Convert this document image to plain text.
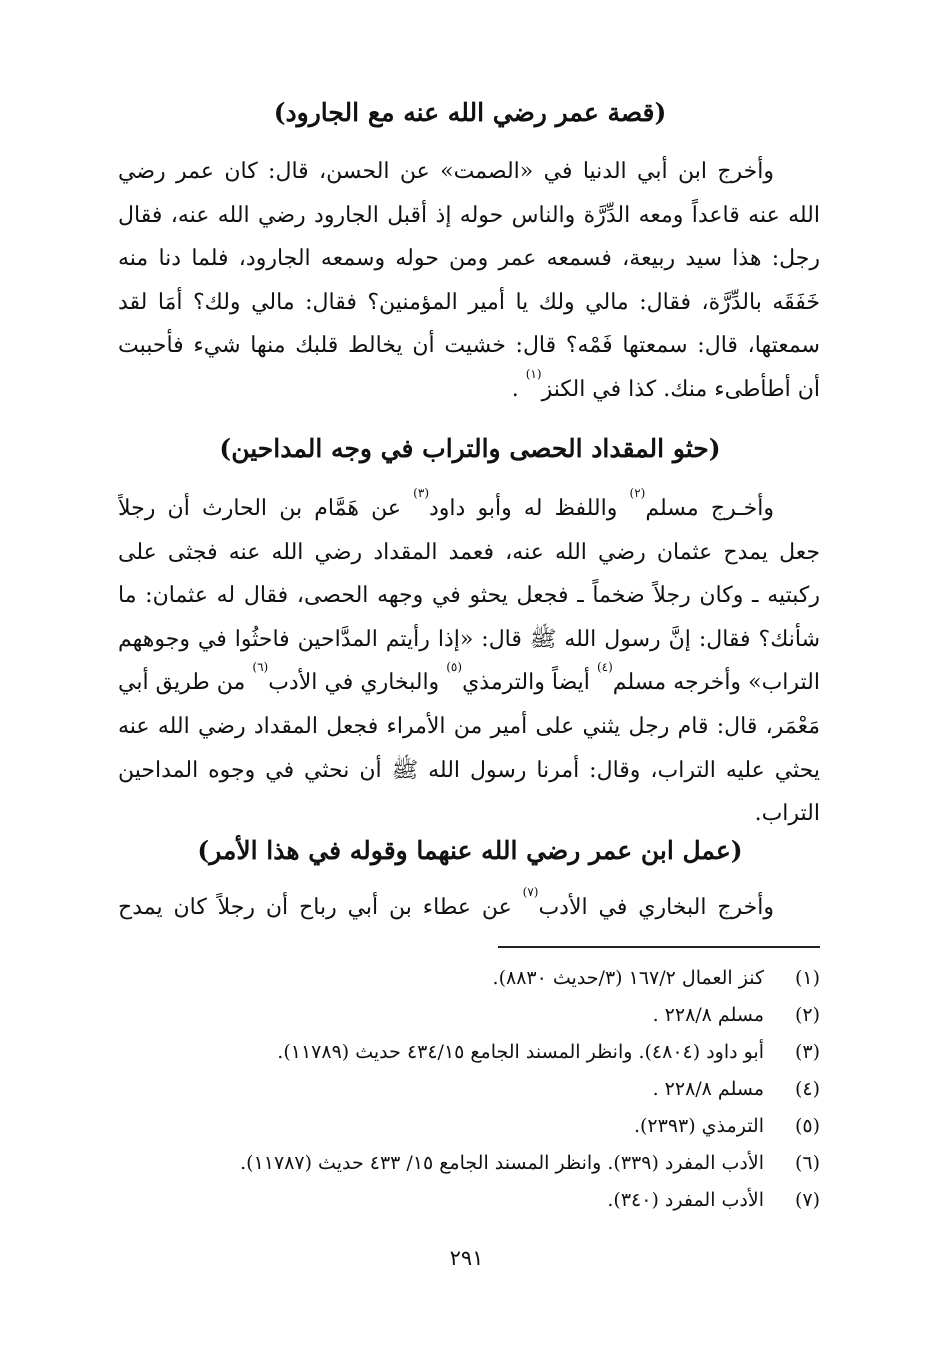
(قصة عمر رضي الله عنه مع الجارود)
وأخرج ابن أبي الدنيا في «الصمت» عن الحسن، قال: كان عمر رضي
الله عنه قاعداً ومعه الدِّرَّة والناس حوله إذ أقبل الجارود رضي الله عنه، فقال
رجل: هذا سيد ربيعة، فسمعه عمر ومن حوله وسمعه الجارود، فلما دنا منه
خَفَقَه بالدِّرَّة، فقال: مالي ولك يا أمير المؤمنين؟ فقال: مالي ولك؟ أمَا لقد
سمعتها، قال: سمعتها فَمْه؟ قال: خشيت أن يخالط قلبك منها شيء فأحببت
أن أطأطىء منك. كذا في الكنز$^{(١)}$ .
(حثو المقداد الحصى والتراب في وجه المداحين)
وأخـرج مسلم$^{(٢)}$ واللفظ له وأبو داود$^{(٣)}$ عن هَمَّام بن الحارث أن رجلاً
جعل يمدح عثمان رضي الله عنه، فعمد المقداد رضي الله عنه فجثى على
ركبتيه ـ وكان رجلاً ضخماً ـ فجعل يحثو في وجهه الحصى، فقال له عثمان: ما
شأنك؟ فقال: إنَّ رسول الله ﷺ قال: «إذا رأيتم المدَّاحين فاحثُوا في وجوههم
التراب» وأخرجه مسلم$^{(٤)}$ أيضاً والترمذي$^{(٥)}$ والبخاري في الأدب$^{(٦)}$ من طريق أبي
مَعْمَر، قال: قام رجل يثني على أمير من الأمراء فجعل المقداد رضي الله عنه
يحثي عليه التراب، وقال: أمرنا رسول الله ﷺ أن نحثي في وجوه المداحين
التراب.
(عمل ابن عمر رضي الله عنهما وقوله في هذا الأمر)
وأخرج البخاري في الأدب$^{(٧)}$ عن عطاء بن أبي رباح أن رجلاً كان يمدح
(١)
كنز العمال ١٦٧/٢ (٣/حديث ٨٨٣٠).
(٢)
مسلم ٢٢٨/٨ .
(٣)
أبو داود (٤٨٠٤). وانظر المسند الجامع ٤٣٤/١٥ حديث (١١٧٨٩).
(٤)
مسلم ٢٢٨/٨ .
(٥)
الترمذي (٢٣٩٣).
(٦)
الأدب المفرد (٣٣٩). وانظر المسند الجامع ١٥/ ٤٣٣ حديث (١١٧٨٧).
(٧)
الأدب المفرد (٣٤٠).
٢٩١
